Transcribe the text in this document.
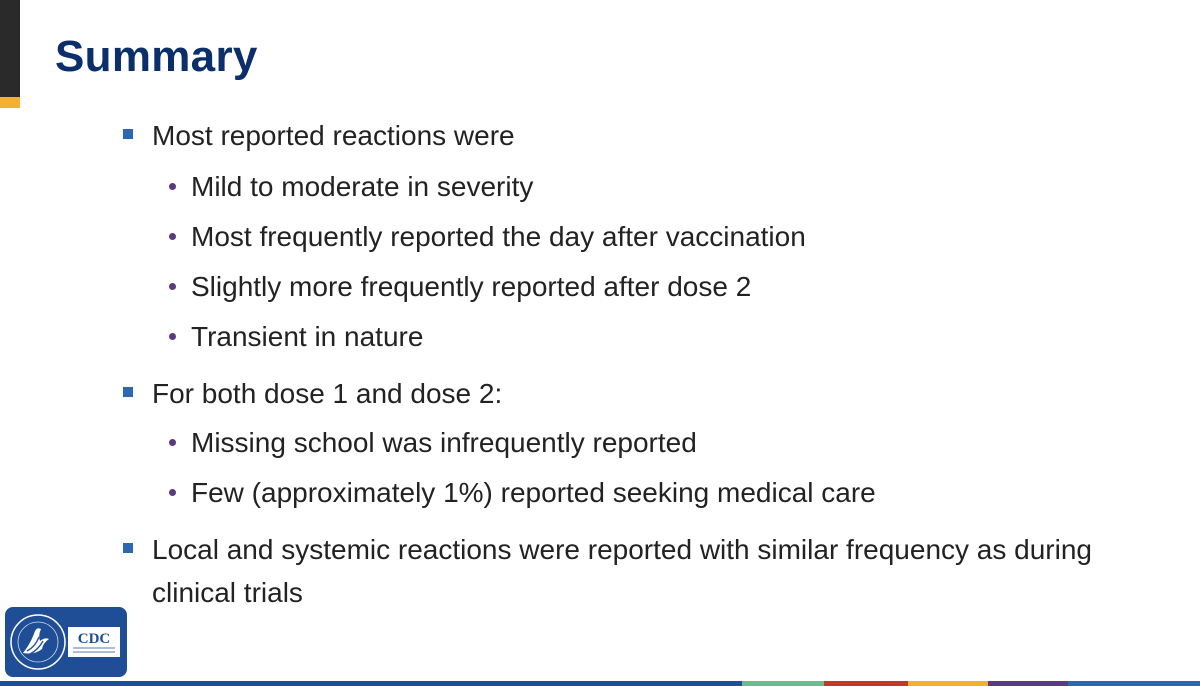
Summary
Most reported reactions were
Mild to moderate in severity
Most frequently reported the day after vaccination
Slightly more frequently reported after dose 2
Transient in nature
For both dose 1 and dose 2:
Missing school was infrequently reported
Few (approximately 1%) reported seeking medical care
Local and systemic reactions were reported with similar frequency as during
clinical trials
CDC
